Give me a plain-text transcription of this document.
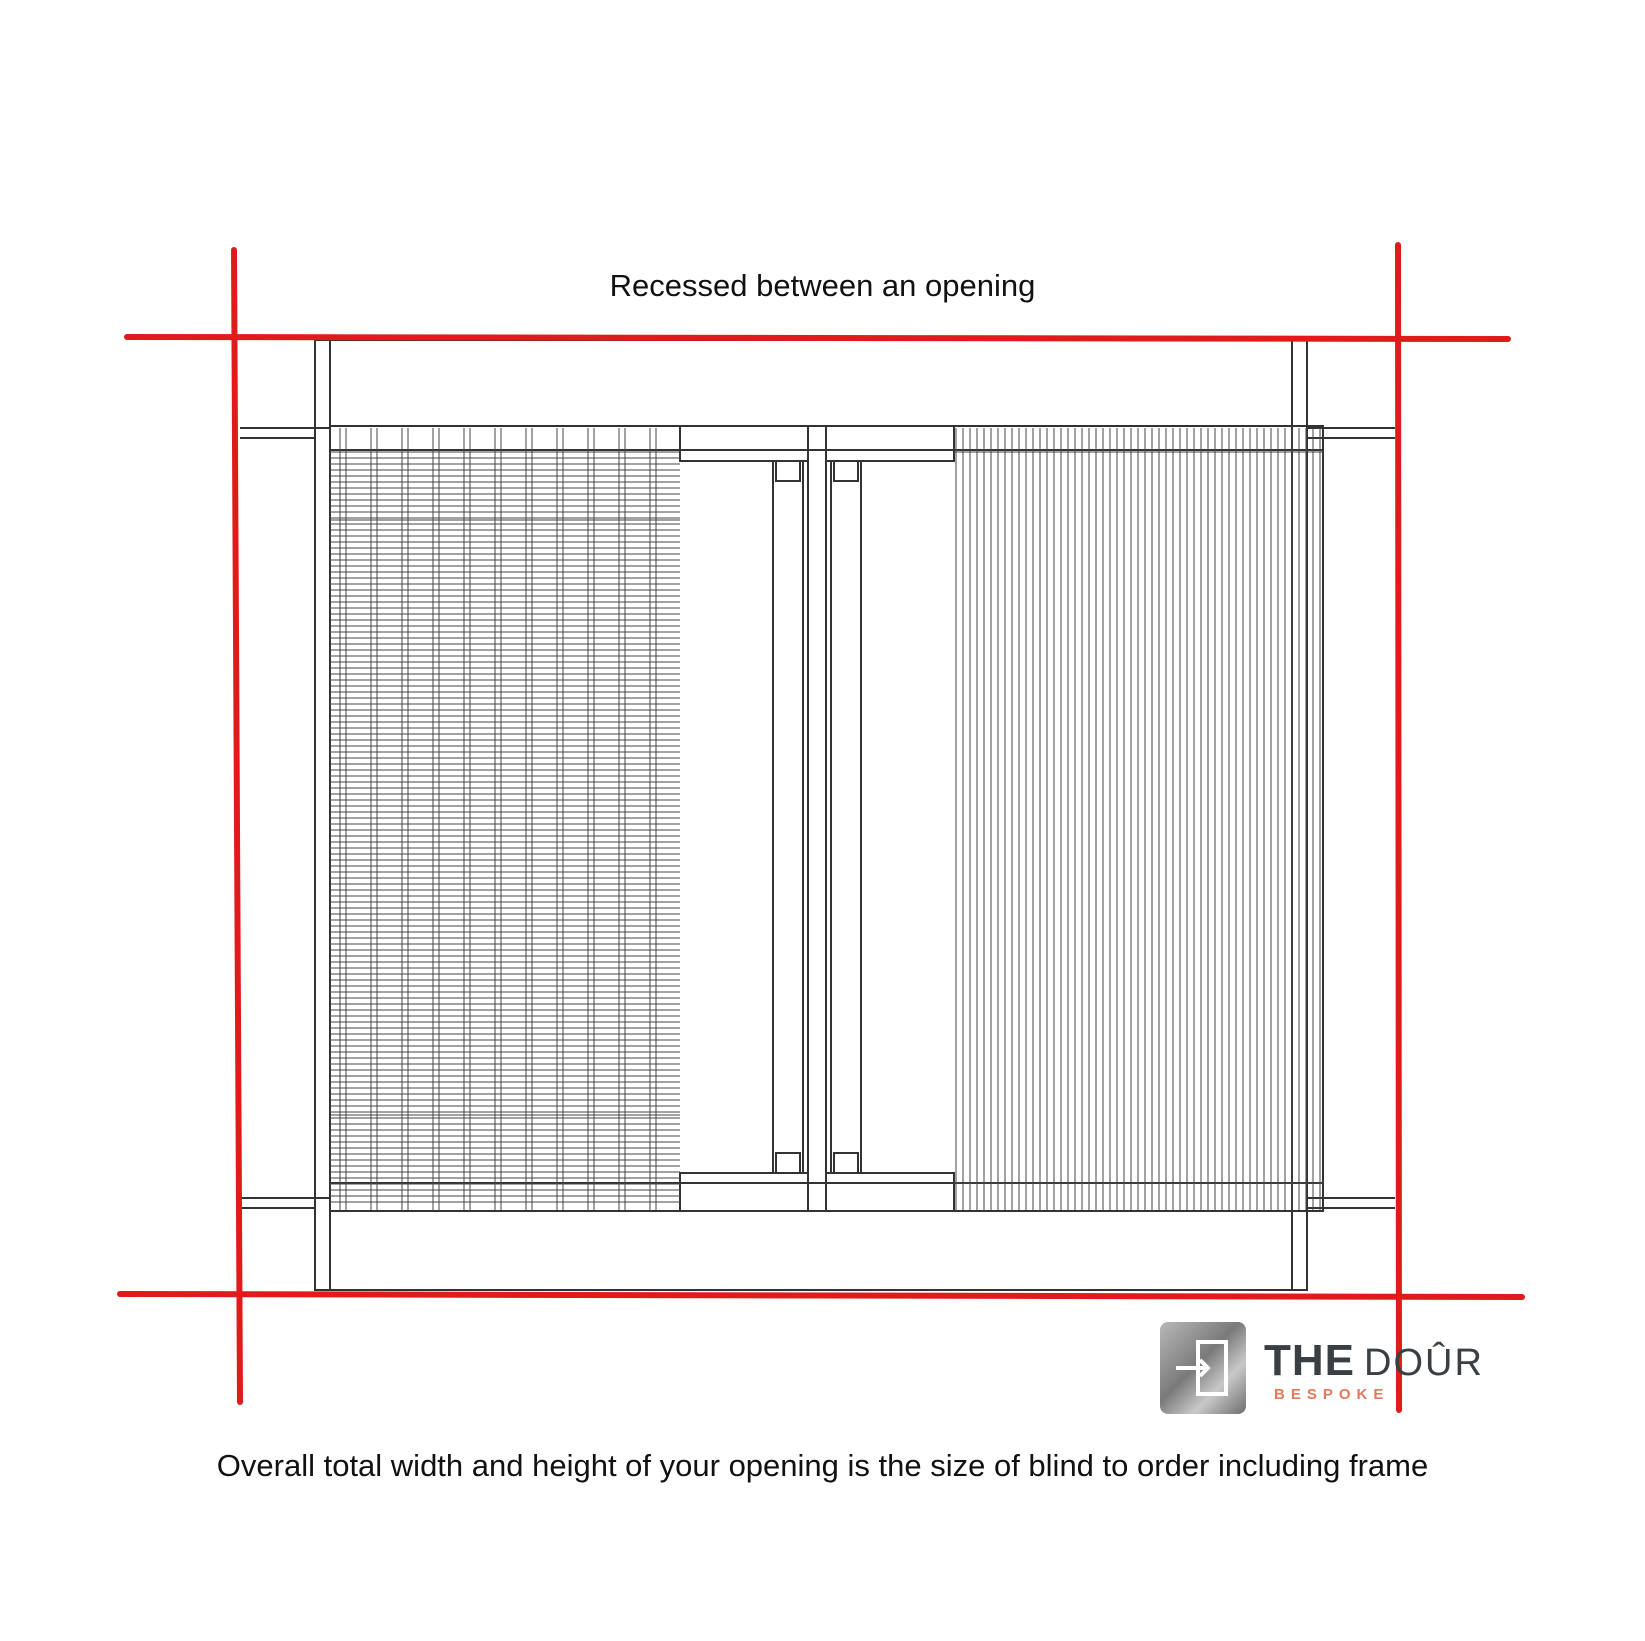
Recessed between an opening

Overall total width and height of your opening is the size of blind to order including frame

THE DOÛR
BESPOKE
